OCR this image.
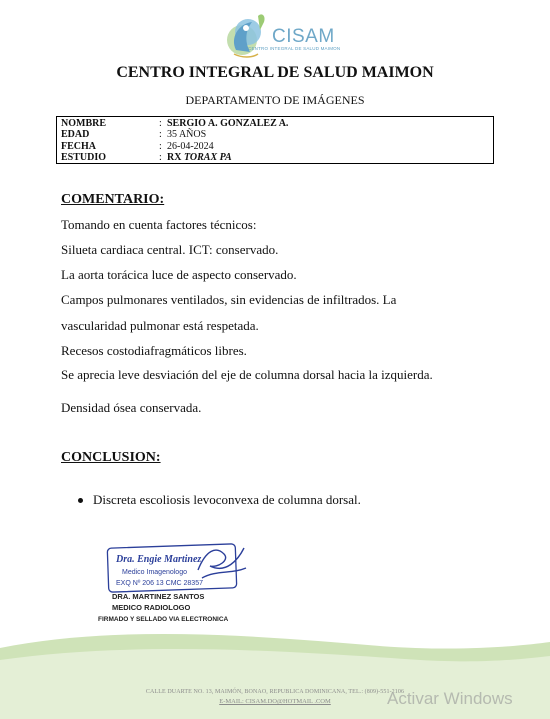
CISAM
CENTRO INTEGRAL DE SALUD MAIMON
CENTRO INTEGRAL DE SALUD MAIMON
DEPARTAMENTO DE IMÁGENES
NOMBRE	: SERGIO A. GONZALEZ A.
EDAD	: 35 AÑOS
FECHA	: 26-04-2024
ESTUDIO	: RX TORAX PA
COMENTARIO:
Tomando en cuenta factores técnicos:
Silueta cardiaca central. ICT: conservado.
La aorta torácica luce de aspecto conservado.
Campos pulmonares ventilados, sin evidencias de infiltrados. La
vascularidad pulmonar está respetada.
Recesos costodiafragmáticos libres.
Se aprecia leve desviación del eje de columna dorsal hacia la izquierda.
Densidad ósea conservada.
CONCLUSION:
Discreta escoliosis levoconvexa de columna dorsal.
Dra. Engie Martinez
Medico Imagenologo
EXQ Nº 206 13 CMC 28357
DRA. MARTINEZ SANTOS
MEDICO RADIOLOGO
FIRMADO Y SELLADO VIA ELECTRONICA
CALLE DUARTE NO. 13, MAIMÓN, BONAO, REPUBLICA DOMINICANA, TEL.: (809)-551-2106
E-MAIL: CISAM.DO@HOTMAIL .COM	Activar Windows
